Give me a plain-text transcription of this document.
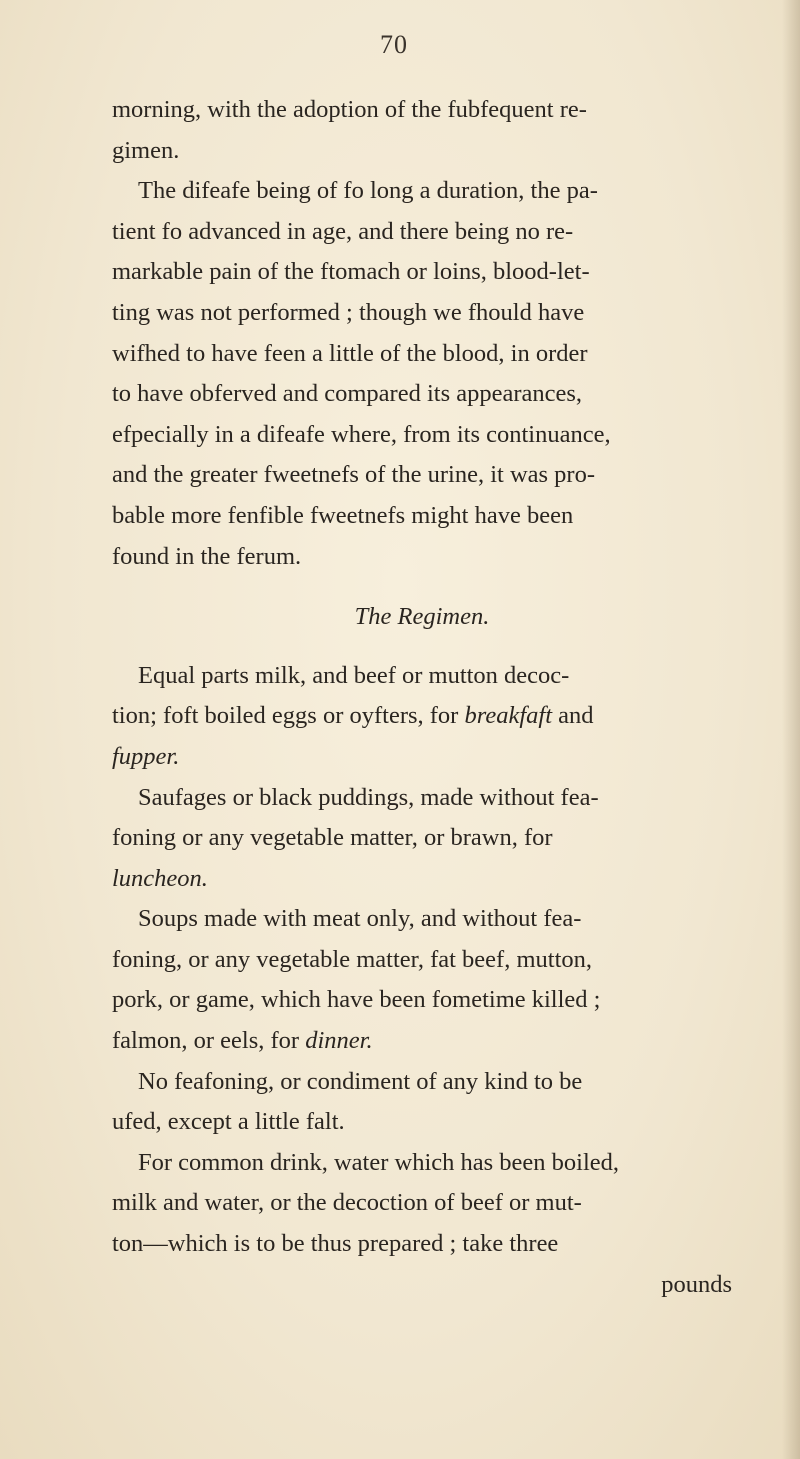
70
morning, with the adoption of the fubfequent re-
gimen.
The difeafe being of fo long a duration, the pa-
tient fo advanced in age, and there being no re-
markable pain of the ftomach or loins, blood-let-
ting was not performed ; though we fhould have
wifhed to have feen a little of the blood, in order
to have obferved and compared its appearances,
efpecially in a difeafe where, from its continuance,
and the greater fweetnefs of the urine, it was pro-
bable more fenfible fweetnefs might have been
found in the ferum.
The Regimen.
Equal parts milk, and beef or mutton decoc-
tion; foft boiled eggs or oyfters, for breakfaft and
fupper.
Saufages or black puddings, made without fea-
foning or any vegetable matter, or brawn, for
luncheon.
Soups made with meat only, and without fea-
foning, or any vegetable matter, fat beef, mutton,
pork, or game, which have been fometime killed ;
falmon, or eels, for dinner.
No feafoning, or condiment of any kind to be
ufed, except a little falt.
For common drink, water which has been boiled,
milk and water, or the decoction of beef or mut-
ton—which is to be thus prepared ; take three
pounds
